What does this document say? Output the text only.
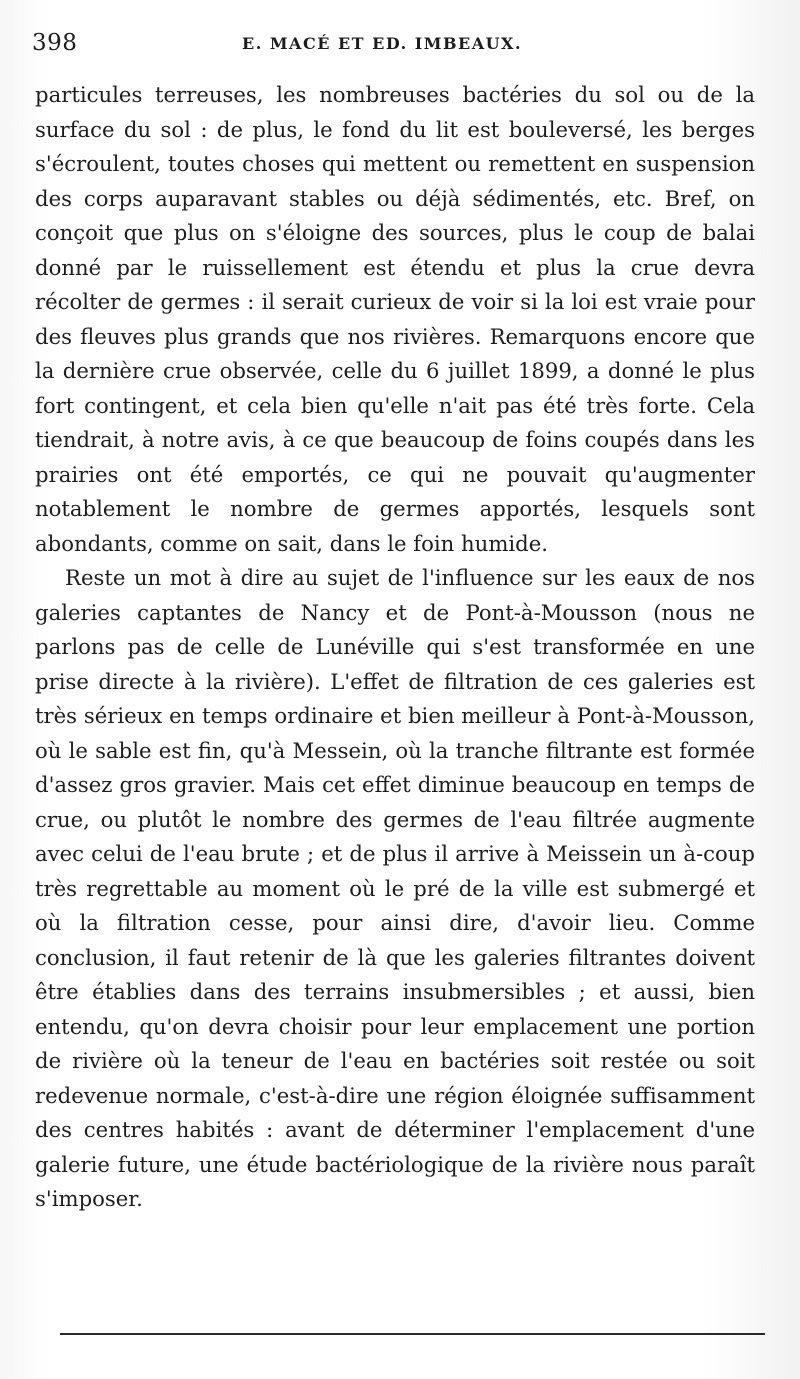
398	E. MACÉ ET ED. IMBEAUX.

particules terreuses, les nombreuses bactéries du sol ou de la surface du sol : de plus, le fond du lit est bouleversé, les berges s'écroulent, toutes choses qui mettent ou remettent en suspension des corps auparavant stables ou déjà sédimentés, etc. Bref, on conçoit que plus on s'éloigne des sources, plus le coup de balai donné par le ruissellement est étendu et plus la crue devra récolter de germes : il serait curieux de voir si la loi est vraie pour des fleuves plus grands que nos rivières. Remarquons encore que la dernière crue observée, celle du 6 juillet 1899, a donné le plus fort contingent, et cela bien qu'elle n'ait pas été très forte. Cela tiendrait, à notre avis, à ce que beaucoup de foins coupés dans les prairies ont été emportés, ce qui ne pouvait qu'augmenter notablement le nombre de germes apportés, lesquels sont abondants, comme on sait, dans le foin humide.

Reste un mot à dire au sujet de l'influence sur les eaux de nos galeries captantes de Nancy et de Pont-à-Mousson (nous ne parlons pas de celle de Lunéville qui s'est transformée en une prise directe à la rivière). L'effet de filtration de ces galeries est très sérieux en temps ordinaire et bien meilleur à Pont-à-Mousson, où le sable est fin, qu'à Messein, où la tranche filtrante est formée d'assez gros gravier. Mais cet effet diminue beaucoup en temps de crue, ou plutôt le nombre des germes de l'eau filtrée augmente avec celui de l'eau brute ; et de plus il arrive à Meissein un à-coup très regrettable au moment où le pré de la ville est submergé et où la filtration cesse, pour ainsi dire, d'avoir lieu. Comme conclusion, il faut retenir de là que les galeries filtrantes doivent être établies dans des terrains insubmersibles ; et aussi, bien entendu, qu'on devra choisir pour leur emplacement une portion de rivière où la teneur de l'eau en bactéries soit restée ou soit redevenue normale, c'est-à-dire une région éloignée suffisamment des centres habités : avant de déterminer l'emplacement d'une galerie future, une étude bactériologique de la rivière nous paraît s'imposer.
